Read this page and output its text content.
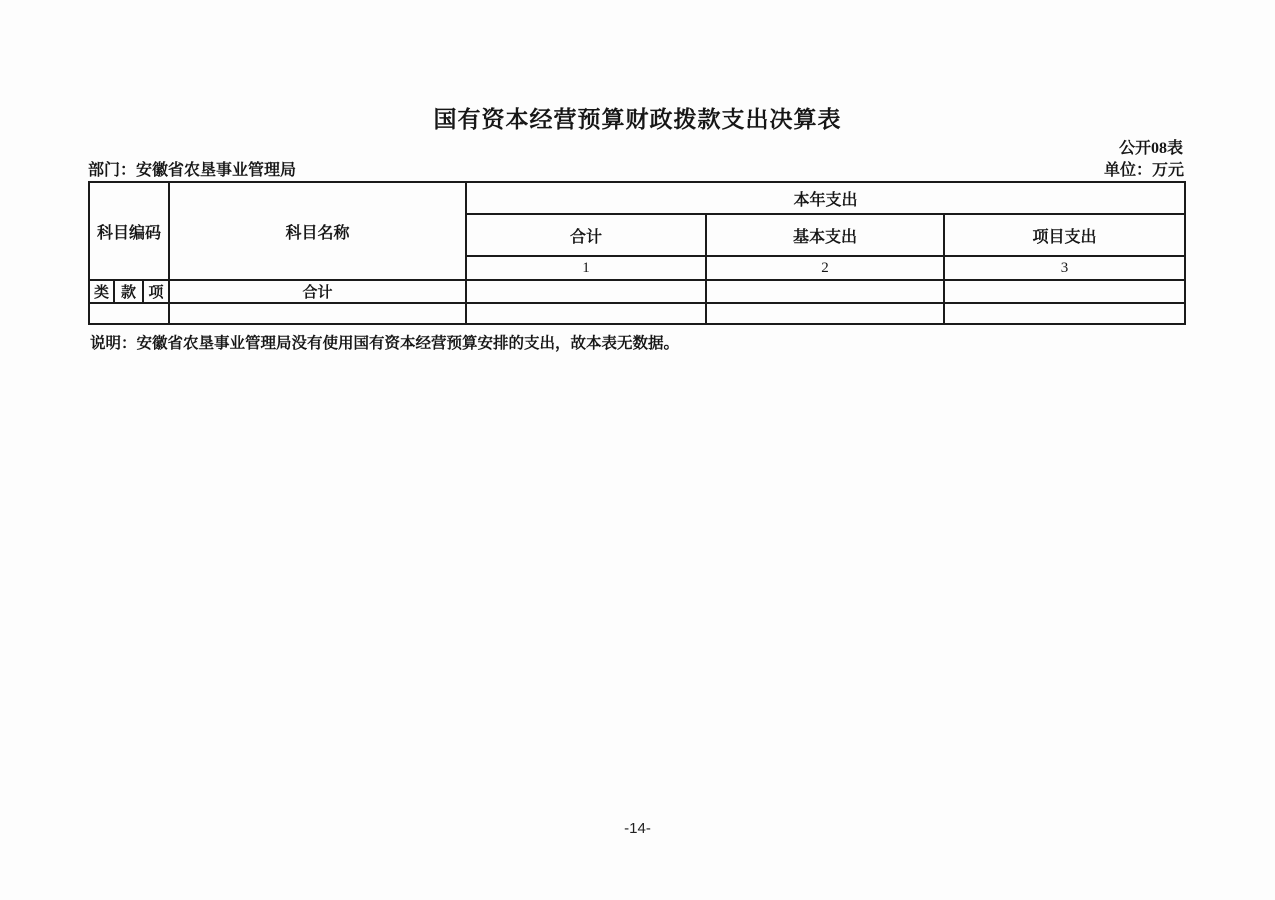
国有资本经营预算财政拨款支出决算表
公开08表
部门：安徽省农垦事业管理局	单位：万元
科目编码			科目名称	本年支出		
				合计	基本支出	项目支出
				1	2	3
类	款	项	合计			

说明：安徽省农垦事业管理局没有使用国有资本经营预算安排的支出，故本表无数据。
-14-
